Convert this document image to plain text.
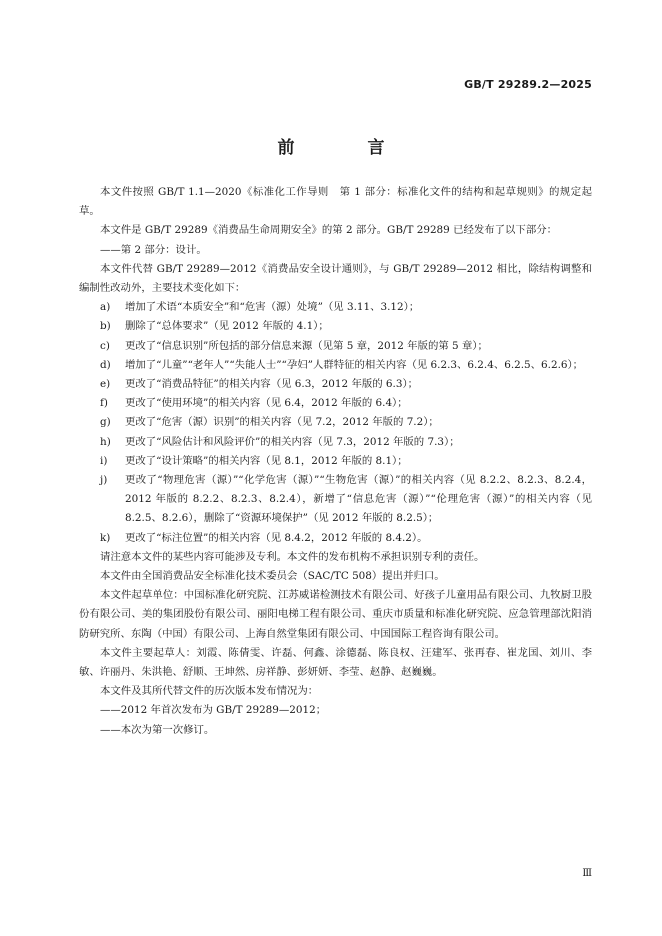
GB/T 29289.2—2025
前　言

本文件按照 GB/T 1.1—2020《标准化工作导则　第 1 部分：标准化文件的结构和起草规则》的规定起草。

本文件是 GB/T 29289《消费品生命周期安全》的第 2 部分。GB/T 29289 已经发布了以下部分：

——第 2 部分：设计。

本文件代替 GB/T 29289—2012《消费品安全设计通则》，与 GB/T 29289—2012 相比，除结构调整和编制性改动外，主要技术变化如下：

a)	增加了术语“本质安全”和“危害（源）处境”（见 3.11、3.12）；
b)	删除了“总体要求”（见 2012 年版的 4.1）；
c)	更改了“信息识别”所包括的部分信息来源（见第 5 章，2012 年版的第 5 章）；
d)	增加了“儿童”“老年人”“失能人士”“孕妇”人群特征的相关内容（见 6.2.3、6.2.4、6.2.5、6.2.6）；
e)	更改了“消费品特征”的相关内容（见 6.3，2012 年版的 6.3）；
f)	更改了“使用环境”的相关内容（见 6.4，2012 年版的 6.4）；
g)	更改了“危害（源）识别”的相关内容（见 7.2，2012 年版的 7.2）；
h)	更改了“风险估计和风险评价”的相关内容（见 7.3，2012 年版的 7.3）；
i)	更改了“设计策略”的相关内容（见 8.1，2012 年版的 8.1）；
j)	更改了“物理危害（源）”“化学危害（源）”“生物危害（源）”的相关内容（见 8.2.2、8.2.3、8.2.4，2012 年版的 8.2.2、8.2.3、8.2.4），新增了“信息危害（源）”“伦理危害（源）”的相关内容（见 8.2.5、8.2.6），删除了“资源环境保护”（见 2012 年版的 8.2.5）；
k)	更改了“标注位置”的相关内容（见 8.4.2，2012 年版的 8.4.2）。

请注意本文件的某些内容可能涉及专利。本文件的发布机构不承担识别专利的责任。

本文件由全国消费品安全标准化技术委员会（SAC/TC 508）提出并归口。

本文件起草单位：中国标准化研究院、江苏威诺检测技术有限公司、好孩子儿童用品有限公司、九牧厨卫股份有限公司、美的集团股份有限公司、丽阳电梯工程有限公司、重庆市质量和标准化研究院、应急管理部沈阳消防研究所、东陶（中国）有限公司、上海自然堂集团有限公司、中国国际工程咨询有限公司。

本文件主要起草人：刘霞、陈倩雯、许磊、何鑫、涂德磊、陈良权、汪建军、张再春、崔龙国、刘川、李敏、许丽丹、朱洪艳、舒顺、王坤然、房祥静、彭妍妍、李莹、赵静、赵巍巍。

本文件及其所代替文件的历次版本发布情况为：

——2012 年首次发布为 GB/T 29289—2012；

——本次为第一次修订。

Ⅲ
